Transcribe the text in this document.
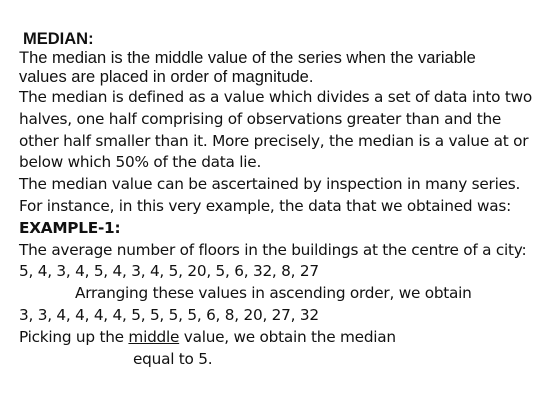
MEDIAN:
The median is the middle value of the series when the variable
values are placed in order of magnitude.
The median is defined as a value which divides a set of data into two
halves, one half comprising of observations greater than and the
other half smaller than it. More precisely, the median is a value at or
below which 50% of the data lie.
The median value can be ascertained by inspection in many series.
For instance, in this very example, the data that we obtained was:
EXAMPLE-1:
The average number of floors in the buildings at the centre of a city:
5, 4, 3, 4, 5, 4, 3, 4, 5, 20, 5, 6, 32, 8, 27
Arranging these values in ascending order, we obtain
3, 3, 4, 4, 4, 4, 5, 5, 5, 5, 6, 8, 20, 27, 32
Picking up the middle value, we obtain the median
equal to 5.
